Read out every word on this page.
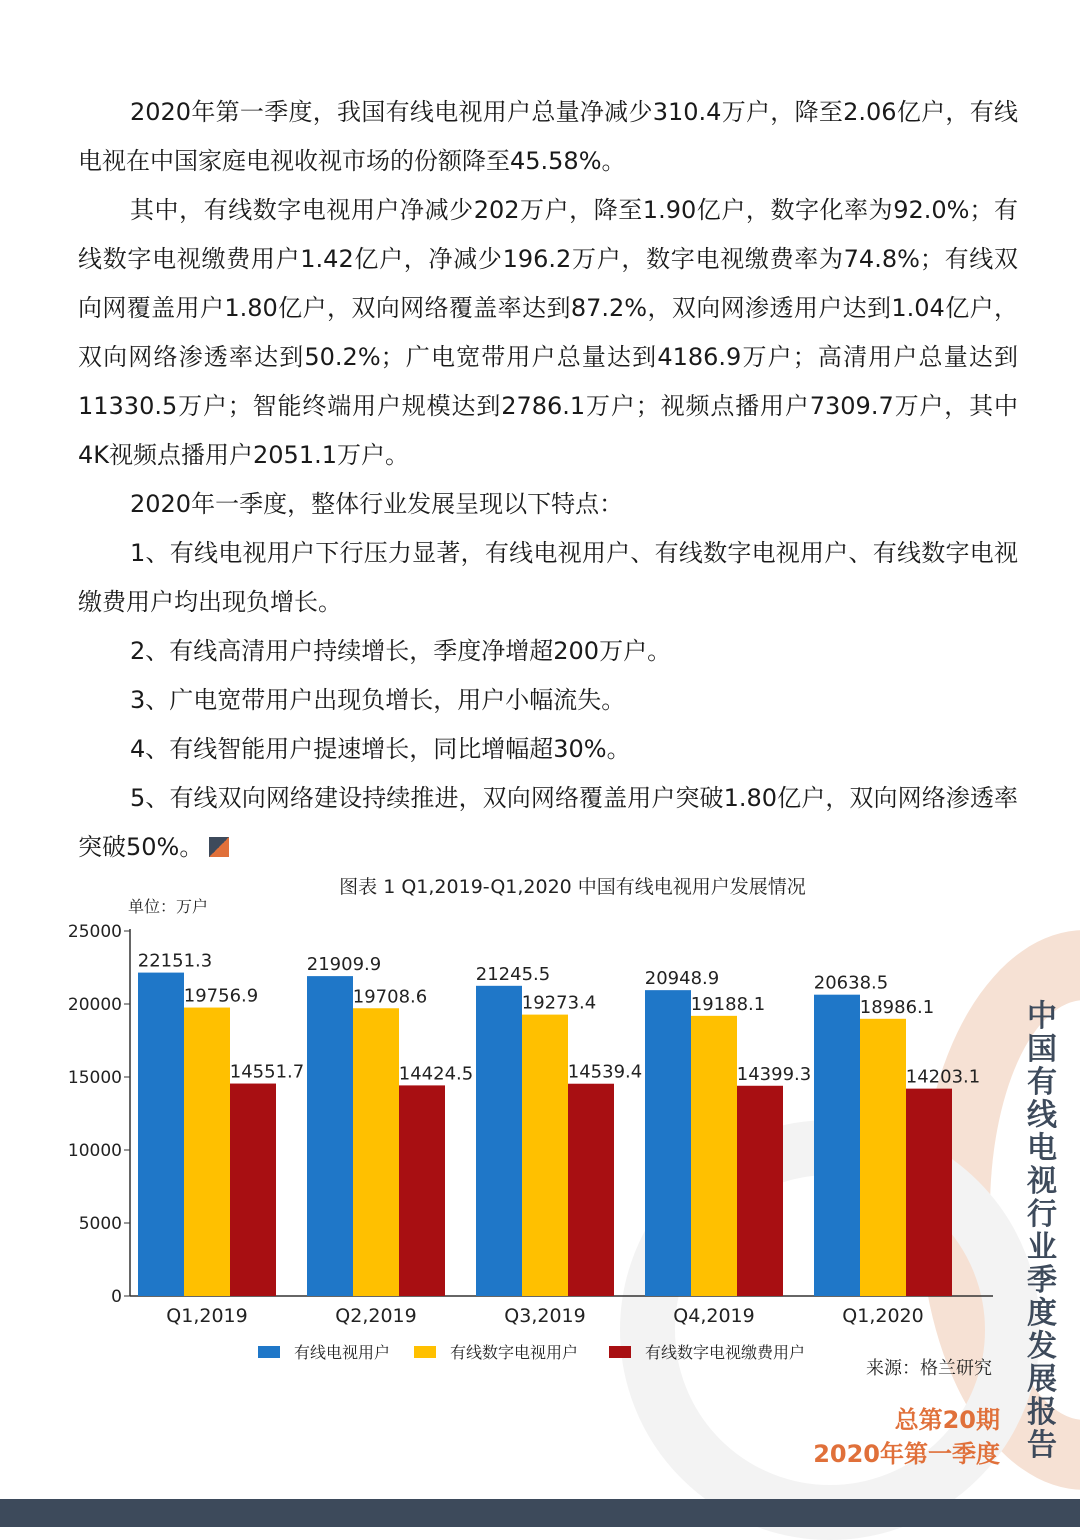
2020年第一季度，我国有线电视用户总量净减少310.4万户，降至2.06亿户，有线电视在中国家庭电视收视市场的份额降至45.58%。

其中，有线数字电视用户净减少202万户，降至1.90亿户，数字化率为92.0%；有线数字电视缴费用户1.42亿户，净减少196.2万户，数字电视缴费率为74.8%；有线双向网覆盖用户1.80亿户，双向网络覆盖率达到87.2%，双向网渗透用户达到1.04亿户，双向网络渗透率达到50.2%；广电宽带用户总量达到4186.9万户；高清用户总量达到11330.5万户；智能终端用户规模达到2786.1万户；视频点播用户7309.7万户，其中4K视频点播用户2051.1万户。

2020年一季度，整体行业发展呈现以下特点：

1、有线电视用户下行压力显著，有线电视用户、有线数字电视用户、有线数字电视缴费用户均出现负增长。

2、有线高清用户持续增长，季度净增超200万户。

3、广电宽带用户出现负增长，用户小幅流失。

4、有线智能用户提速增长，同比增幅超30%。

5、有线双向网络建设持续推进，双向网络覆盖用户突破1.80亿户，双向网络渗透率突破50%。

图表 1 Q1,2019-Q1,2020 中国有线电视用户发展情况
单位：万户
0
5000
10000
15000
20000
25000
22151.3
19756.9
14551.7
Q1,2019
21909.9
19708.6
14424.5
Q2,2019
21245.5
19273.4
14539.4
Q3,2019
20948.9
19188.1
14399.3
Q4,2019
20638.5
18986.1
14203.1
Q1,2020
有线电视用户	有线数字电视用户	有线数字电视缴费用户
来源：格兰研究
中国有线电视行业季度发展报告
总第20期
2020年第一季度
